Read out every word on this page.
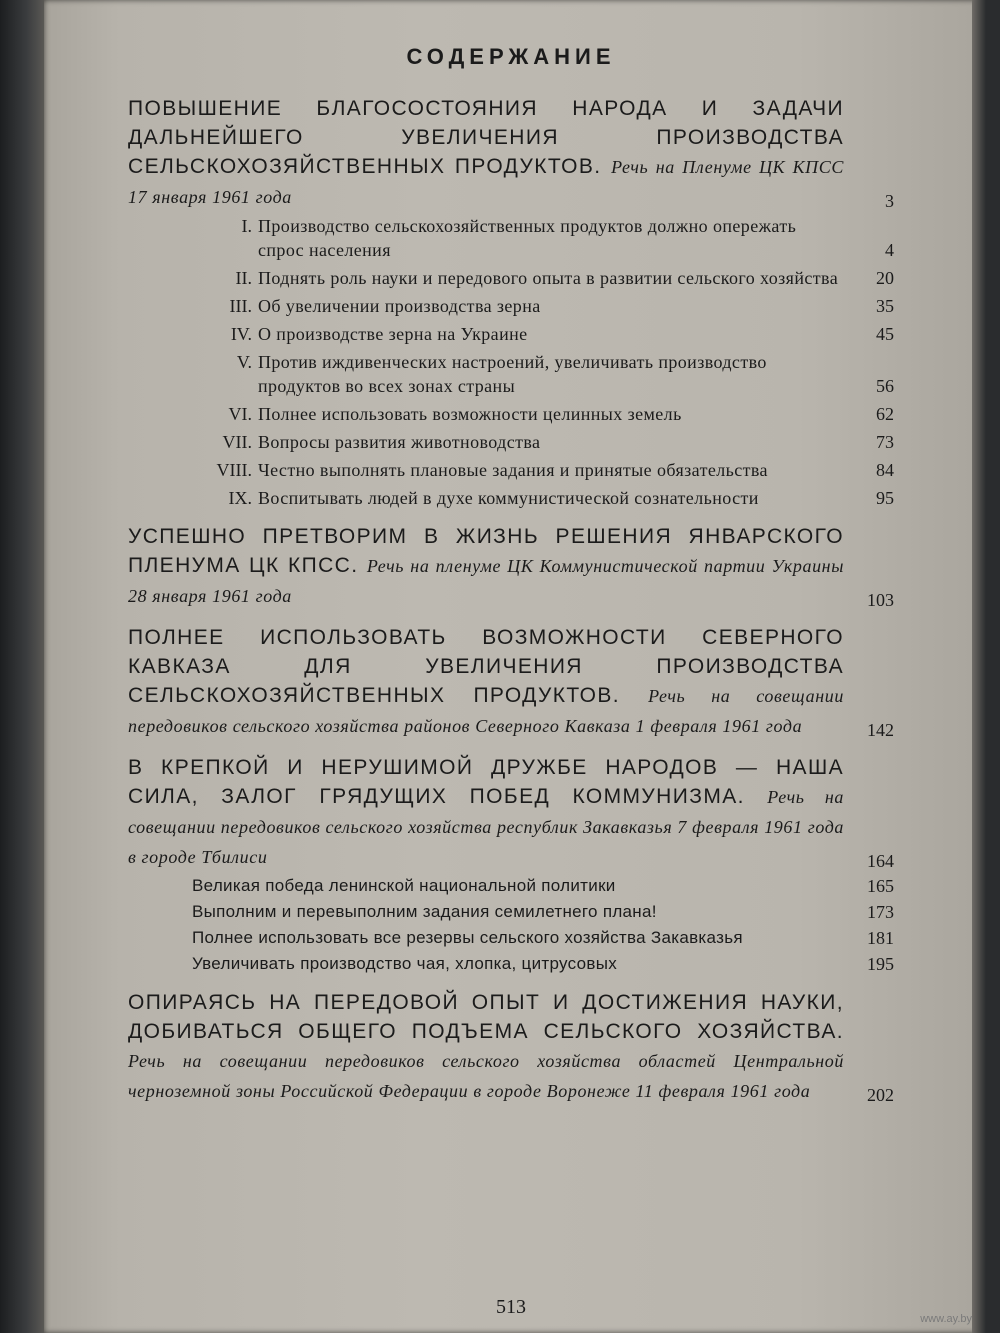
СОДЕРЖАНИЕ
ПОВЫШЕНИЕ БЛАГОСОСТОЯНИЯ НАРОДА И ЗАДАЧИ ДАЛЬНЕЙШЕГО УВЕЛИЧЕНИЯ ПРОИЗВОДСТВА СЕЛЬСКОХОЗЯЙСТВЕННЫХ ПРОДУКТОВ. Речь на Пленуме ЦК КПСС 17 января 1961 года	3
I. Производство сельскохозяйственных продуктов должно опережать спрос населения	4
II. Поднять роль науки и передового опыта в развитии сельского хозяйства	20
III. Об увеличении производства зерна	35
IV. О производстве зерна на Украине	45
V. Против иждивенческих настроений, увеличивать производство продуктов во всех зонах страны	56
VI. Полнее использовать возможности целинных земель	62
VII. Вопросы развития животноводства	73
VIII. Честно выполнять плановые задания и принятые обязательства	84
IX. Воспитывать людей в духе коммунистической сознательности	95
УСПЕШНО ПРЕТВОРИМ В ЖИЗНЬ РЕШЕНИЯ ЯНВАРСКОГО ПЛЕНУМА ЦК КПСС. Речь на пленуме ЦК Коммунистической партии Украины 28 января 1961 года	103
ПОЛНЕЕ ИСПОЛЬЗОВАТЬ ВОЗМОЖНОСТИ СЕВЕРНОГО КАВКАЗА ДЛЯ УВЕЛИЧЕНИЯ ПРОИЗВОДСТВА СЕЛЬСКОХОЗЯЙСТВЕННЫХ ПРОДУКТОВ. Речь на совещании передовиков сельского хозяйства районов Северного Кавказа 1 февраля 1961 года	142
В КРЕПКОЙ И НЕРУШИМОЙ ДРУЖБЕ НАРОДОВ — НАША СИЛА, ЗАЛОГ ГРЯДУЩИХ ПОБЕД КОММУНИЗМА. Речь на совещании передовиков сельского хозяйства республик Закавказья 7 февраля 1961 года в городе Тбилиси	164
Великая победа ленинской национальной политики	165
Выполним и перевыполним задания семилетнего плана!	173
Полнее использовать все резервы сельского хозяйства Закавказья	181
Увеличивать производство чая, хлопка, цитрусовых	195
ОПИРАЯСЬ НА ПЕРЕДОВОЙ ОПЫТ И ДОСТИЖЕНИЯ НАУКИ, ДОБИВАТЬСЯ ОБЩЕГО ПОДЪЕМА СЕЛЬСКОГО ХОЗЯЙСТВА. Речь на совещании передовиков сельского хозяйства областей Центральной черноземной зоны Российской Федерации в городе Воронеже 11 февраля 1961 года	202
513
www.ay.by
